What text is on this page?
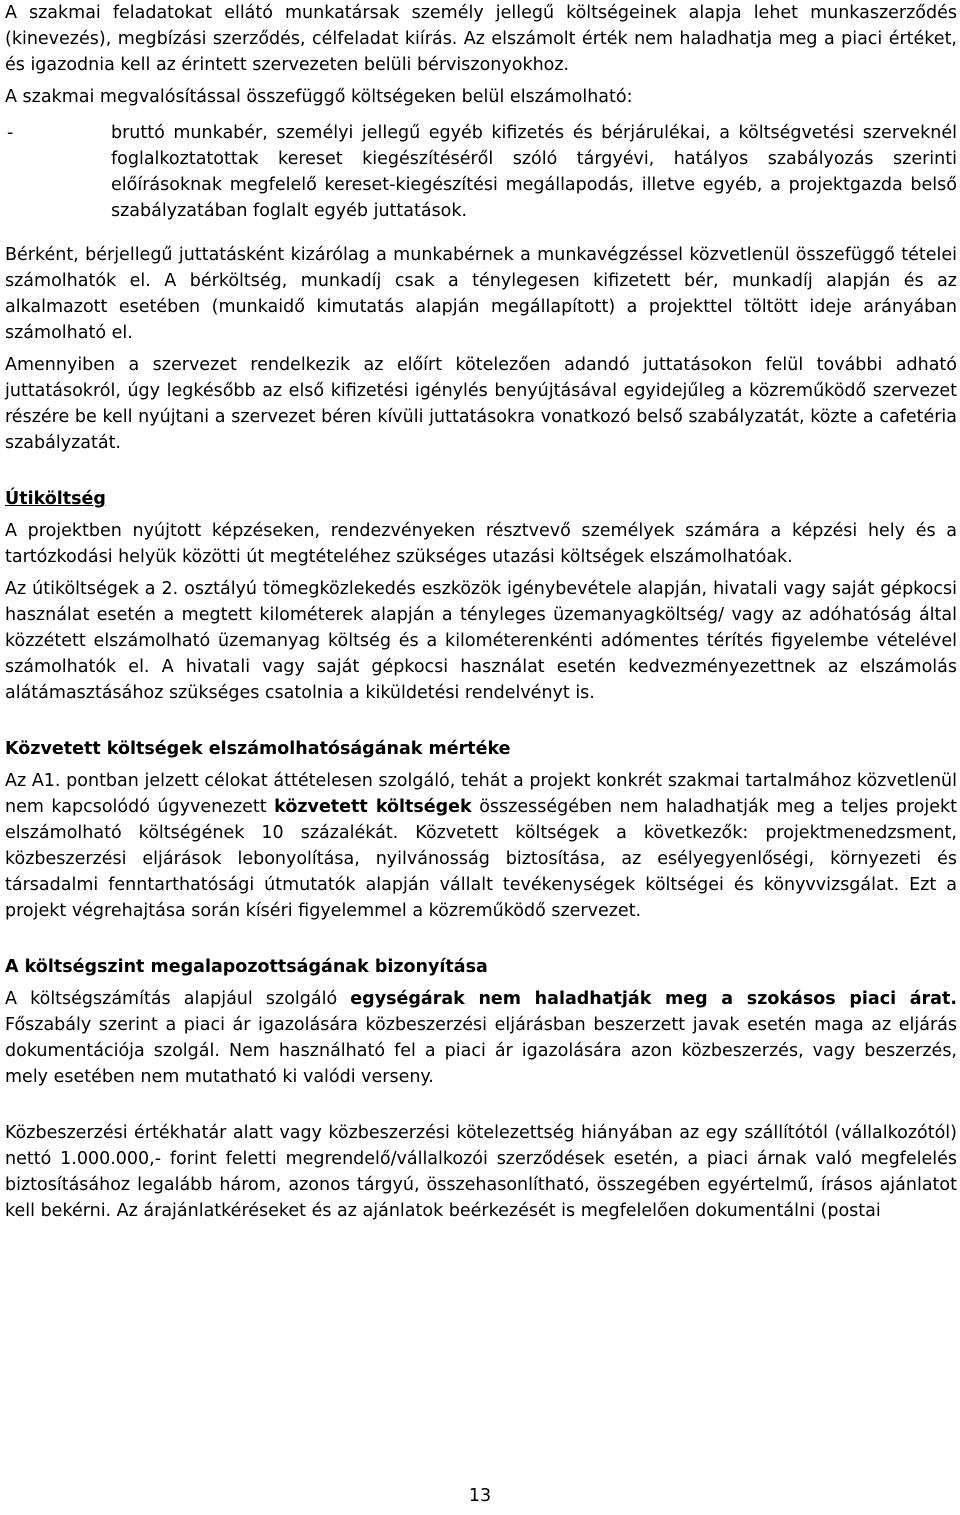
A szakmai feladatokat ellátó munkatársak személy jellegű költségeinek alapja lehet munkaszerződés (kinevezés), megbízási szerződés, célfeladat kiírás. Az elszámolt érték nem haladhatja meg a piaci értéket, és igazodnia kell az érintett szervezeten belüli bérviszonyokhoz.

A szakmai megvalósítással összefüggő költségeken belül elszámolható:

-	bruttó munkabér, személyi jellegű egyéb kifizetés és bérjárulékai, a költségvetési szerveknél foglalkoztatottak kereset kiegészítéséről szóló tárgyévi, hatályos szabályozás szerinti előírásoknak megfelelő kereset-kiegészítési megállapodás, illetve egyéb, a projektgazda belső szabályzatában foglalt egyéb juttatások.

Bérként, bérjellegű juttatásként kizárólag a munkabérnek a munkavégzéssel közvetlenül összefüggő tételei számolhatók el. A bérköltség, munkadíj csak a ténylegesen kifizetett bér, munkadíj alapján és az alkalmazott esetében (munkaidő kimutatás alapján megállapított) a projekttel töltött ideje arányában számolható el.

Amennyiben a szervezet rendelkezik az előírt kötelezően adandó juttatásokon felül további adható juttatásokról, úgy legkésőbb az első kifizetési igénylés benyújtásával egyidejűleg a közreműködő szervezet részére be kell nyújtani a szervezet béren kívüli juttatásokra vonatkozó belső szabályzatát, közte a cafetéria szabályzatát.

Útiköltség

A projektben nyújtott képzéseken, rendezvényeken résztvevő személyek számára a képzési hely és a tartózkodási helyük közötti út megtételéhez szükséges utazási költségek elszámolhatóak.

Az útiköltségek a 2. osztályú tömegközlekedés eszközök igénybevétele alapján, hivatali vagy saját gépkocsi használat esetén a megtett kilométerek alapján a tényleges üzemanyagköltség/ vagy az adóhatóság által közzétett elszámolható üzemanyag költség és a kilométerenkénti adómentes térítés figyelembe vételével számolhatók el. A hivatali vagy saját gépkocsi használat esetén kedvezményezettnek az elszámolás alátámasztásához szükséges csatolnia a kiküldetési rendelvényt is.

Közvetett költségek elszámolhatóságának mértéke

Az A1. pontban jelzett célokat áttételesen szolgáló, tehát a projekt konkrét szakmai tartalmához közvetlenül nem kapcsolódó úgyvenezett közvetett költségek összességében nem haladhatják meg a teljes projekt elszámolható költségének 10 százalékát. Közvetett költségek a következők: projektmenedzsment, közbeszerzési eljárások lebonyolítása, nyilvánosság biztosítása, az esélyegyenlőségi, környezeti és társadalmi fenntarthatósági útmutatók alapján vállalt tevékenységek költségei és könyvvizsgálat. Ezt a projekt végrehajtása során kíséri figyelemmel a közreműködő szervezet.

A költségszint megalapozottságának bizonyítása

A költségszámítás alapjául szolgáló egységárak nem haladhatják meg a szokásos piaci árat. Főszabály szerint a piaci ár igazolására közbeszerzési eljárásban beszerzett javak esetén maga az eljárás dokumentációja szolgál. Nem használható fel a piaci ár igazolására azon közbeszerzés, vagy beszerzés, mely esetében nem mutatható ki valódi verseny.

Közbeszerzési értékhatár alatt vagy közbeszerzési kötelezettség hiányában az egy szállítótól (vállalkozótól) nettó 1.000.000,- forint feletti megrendelő/vállalkozói szerződések esetén, a piaci árnak való megfelelés biztosításához legalább három, azonos tárgyú, összehasonlítható, összegében egyértelmű, írásos ajánlatot kell bekérni. Az árajánlatkéréseket és az ajánlatok beérkezését is megfelelően dokumentálni (postai

13
